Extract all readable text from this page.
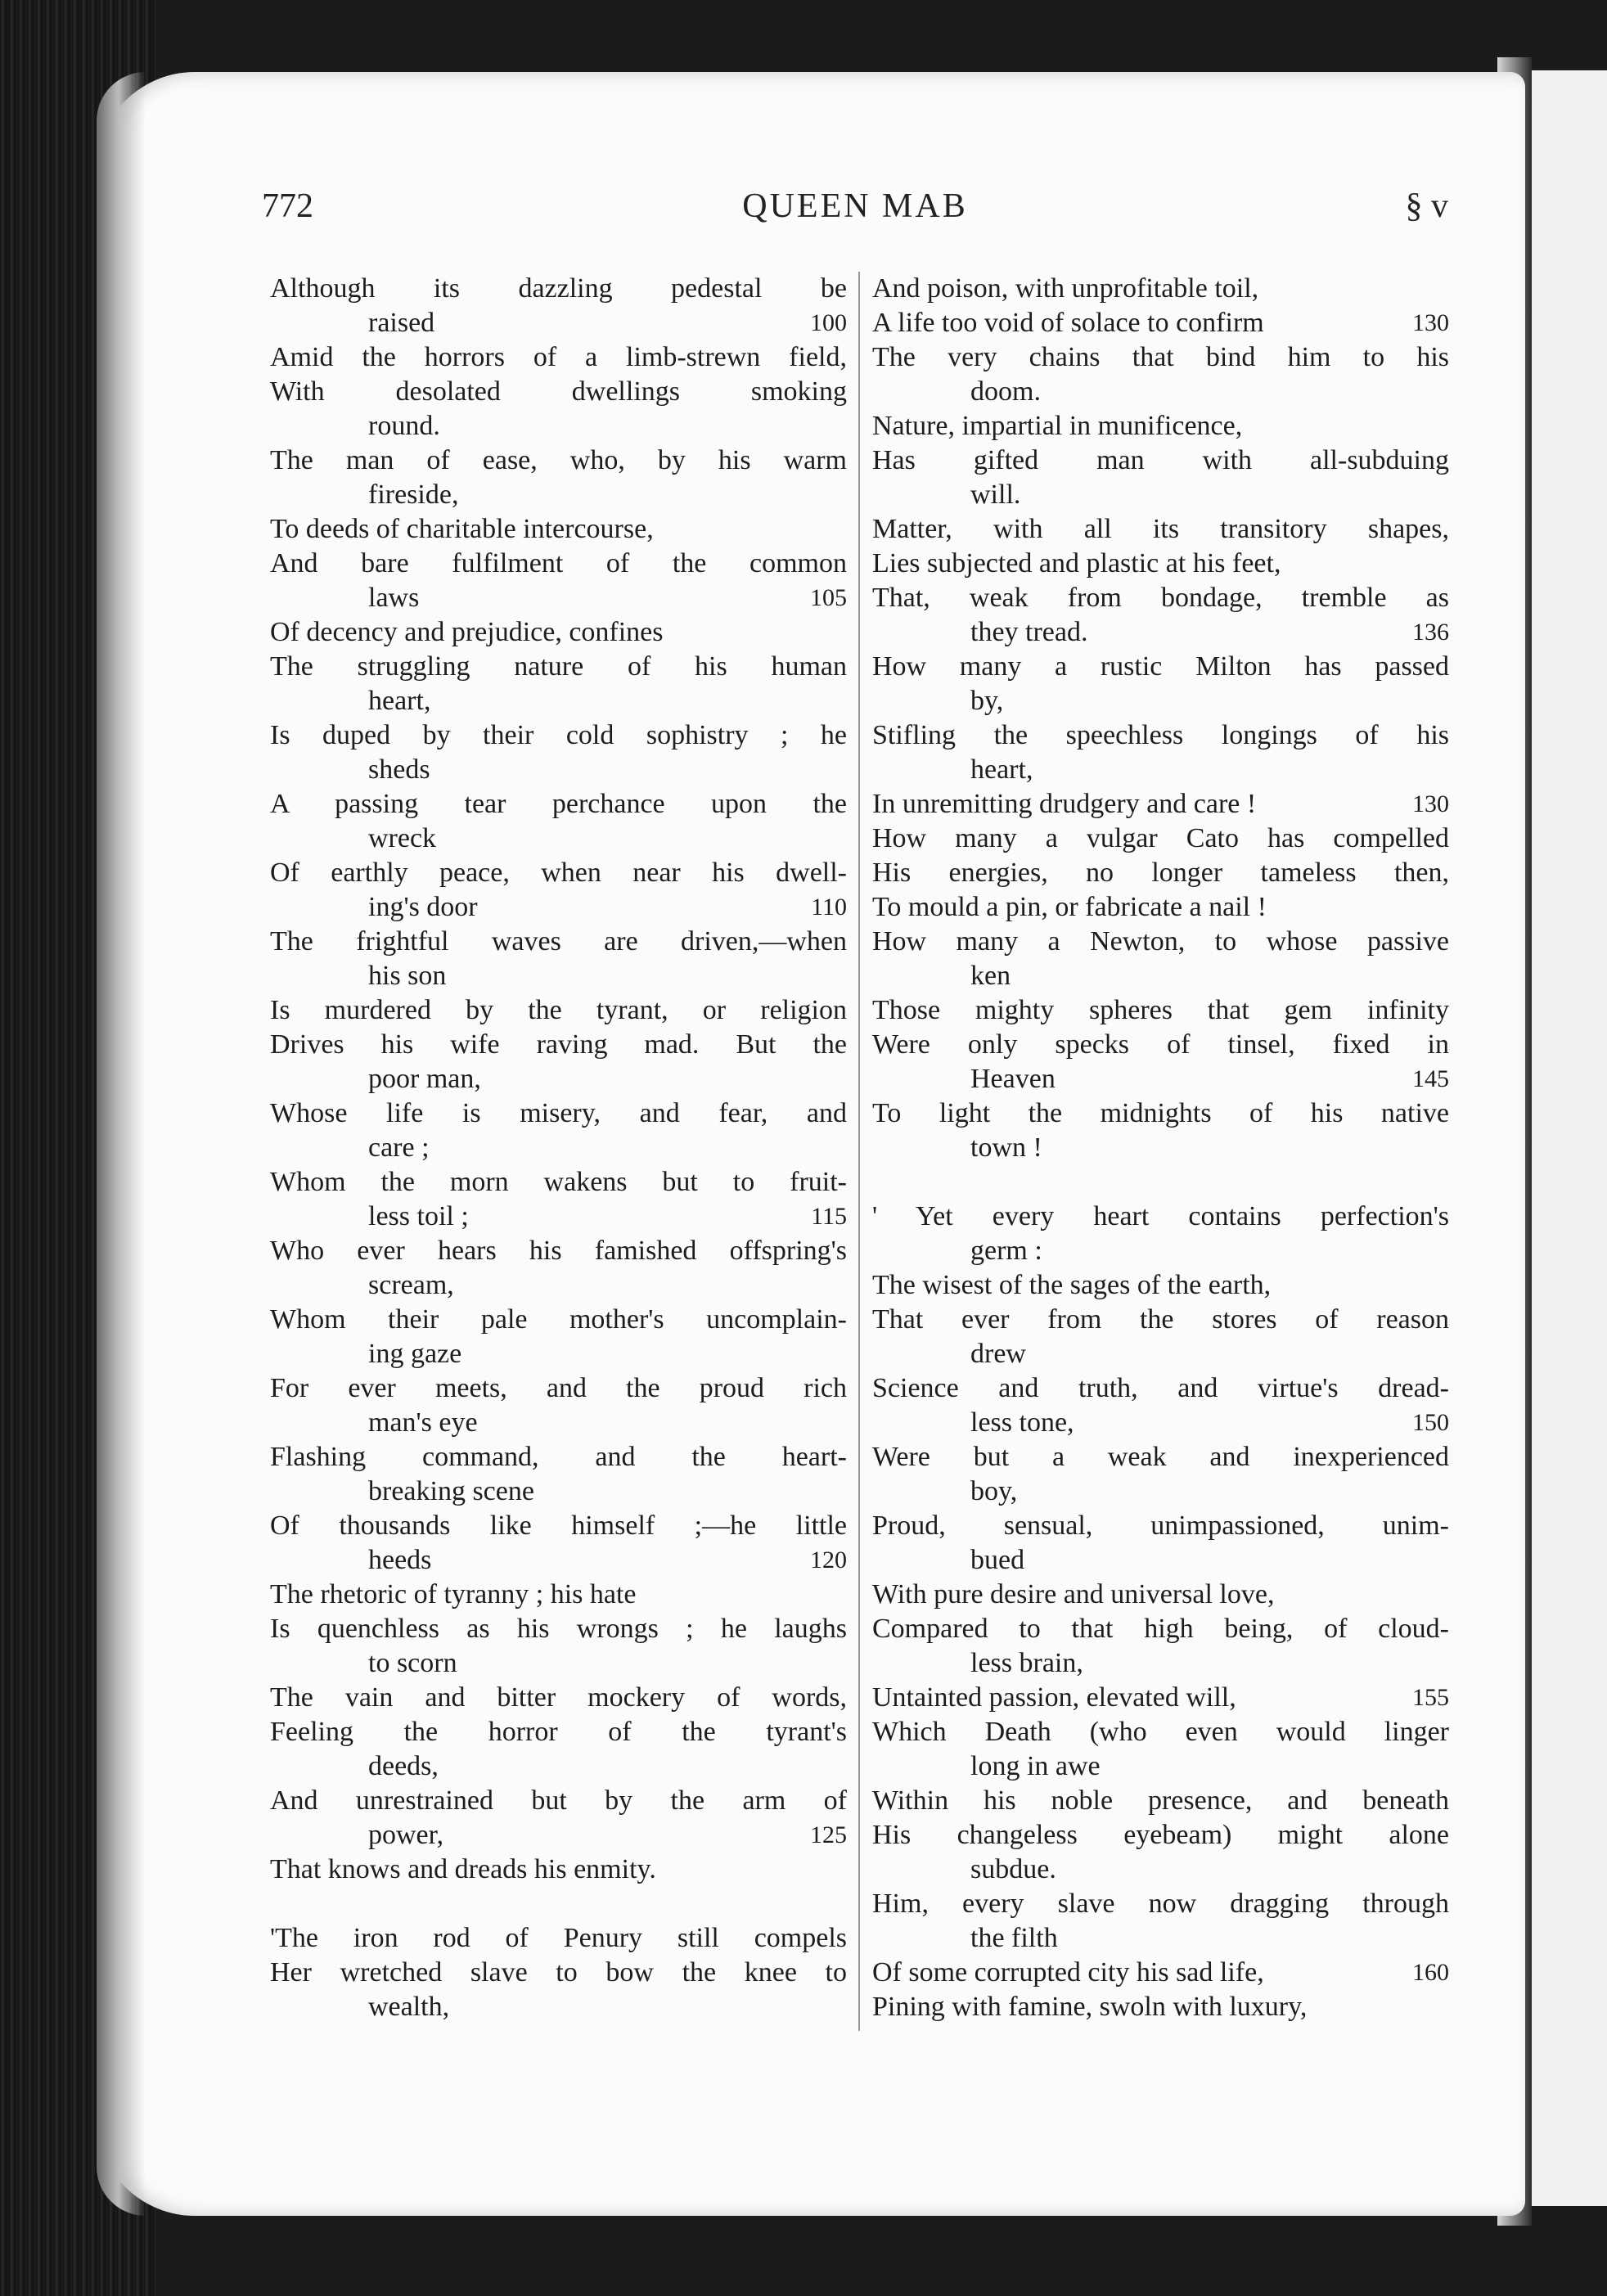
772	QUEEN MAB	§ v
Although its dazzling pedestal be
raised	100
Amid the horrors of a limb-strewn field,
With desolated dwellings smoking
round.
The man of ease, who, by his warm
fireside,
To deeds of charitable intercourse,
And bare fulfilment of the common
laws	105
Of decency and prejudice, confines
The struggling nature of his human
heart,
Is duped by their cold sophistry ; he
sheds
A passing tear perchance upon the
wreck
Of earthly peace, when near his dwell-
ing's door	110
The frightful waves are driven,—when
his son
Is murdered by the tyrant, or religion
Drives his wife raving mad. But the
poor man,
Whose life is misery, and fear, and
care ;
Whom the morn wakens but to fruit-
less toil ;	115
Who ever hears his famished offspring's
scream,
Whom their pale mother's uncomplain-
ing gaze
For ever meets, and the proud rich
man's eye
Flashing command, and the heart-
breaking scene
Of thousands like himself ;—he little
heeds	120
The rhetoric of tyranny ; his hate
Is quenchless as his wrongs ; he laughs
to scorn
The vain and bitter mockery of words,
Feeling the horror of the tyrant's
deeds,
And unrestrained but by the arm of
power,	125
That knows and dreads his enmity.
'The iron rod of Penury still compels
Her wretched slave to bow the knee to
wealth,
And poison, with unprofitable toil,
A life too void of solace to confirm	130
The very chains that bind him to his
doom.
Nature, impartial in munificence,
Has gifted man with all-subduing
will.
Matter, with all its transitory shapes,
Lies subjected and plastic at his feet,
That, weak from bondage, tremble as
they tread.	136
How many a rustic Milton has passed
by,
Stifling the speechless longings of his
heart,
In unremitting drudgery and care !	130
How many a vulgar Cato has compelled
His energies, no longer tameless then,
To mould a pin, or fabricate a nail !
How many a Newton, to whose passive
ken
Those mighty spheres that gem infinity
Were only specks of tinsel, fixed in
Heaven	145
To light the midnights of his native
town !
' Yet every heart contains perfection's
germ :
The wisest of the sages of the earth,
That ever from the stores of reason
drew
Science and truth, and virtue's dread-
less tone,	150
Were but a weak and inexperienced
boy,
Proud, sensual, unimpassioned, unim-
bued
With pure desire and universal love,
Compared to that high being, of cloud-
less brain,
Untainted passion, elevated will,	155
Which Death (who even would linger
long in awe
Within his noble presence, and beneath
His changeless eyebeam) might alone
subdue.
Him, every slave now dragging through
the filth
Of some corrupted city his sad life,	160
Pining with famine, swoln with luxury,
